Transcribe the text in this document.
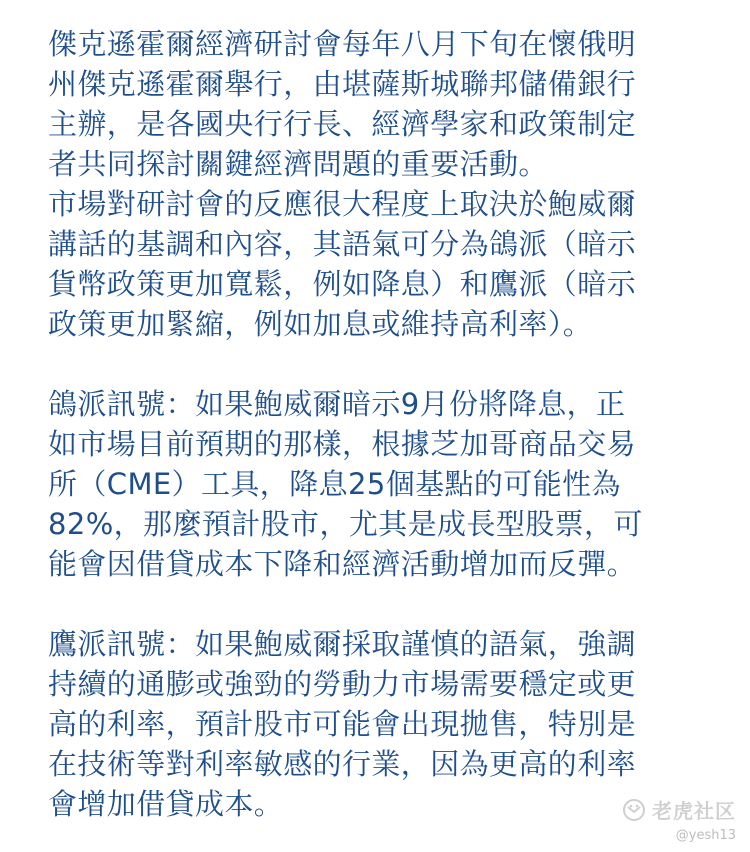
傑克遜霍爾經濟研討會每年八月下旬在懷俄明
州傑克遜霍爾舉行，由堪薩斯城聯邦儲備銀行
主辦，是各國央行行長、經濟學家和政策制定
者共同探討關鍵經濟問題的重要活動。
市場對研討會的反應很大程度上取決於鮑威爾
講話的基調和內容，其語氣可分為鴿派（暗示
貨幣政策更加寬鬆，例如降息）和鷹派（暗示
政策更加緊縮，例如加息或維持高利率）。

鴿派訊號：如果鮑威爾暗示9月份將降息，正
如市場目前預期的那樣，根據芝加哥商品交易
所（CME）工具，降息25個基點的可能性為
82%，那麼預計股市，尤其是成長型股票，可
能會因借貸成本下降和經濟活動增加而反彈。

鷹派訊號：如果鮑威爾採取謹慎的語氣，強調
持續的通膨或強勁的勞動力市場需要穩定或更
高的利率，預計股市可能會出現拋售，特別是
在技術等對利率敏感的行業，因為更高的利率
會增加借貸成本。	老虎社区
@yesh13
